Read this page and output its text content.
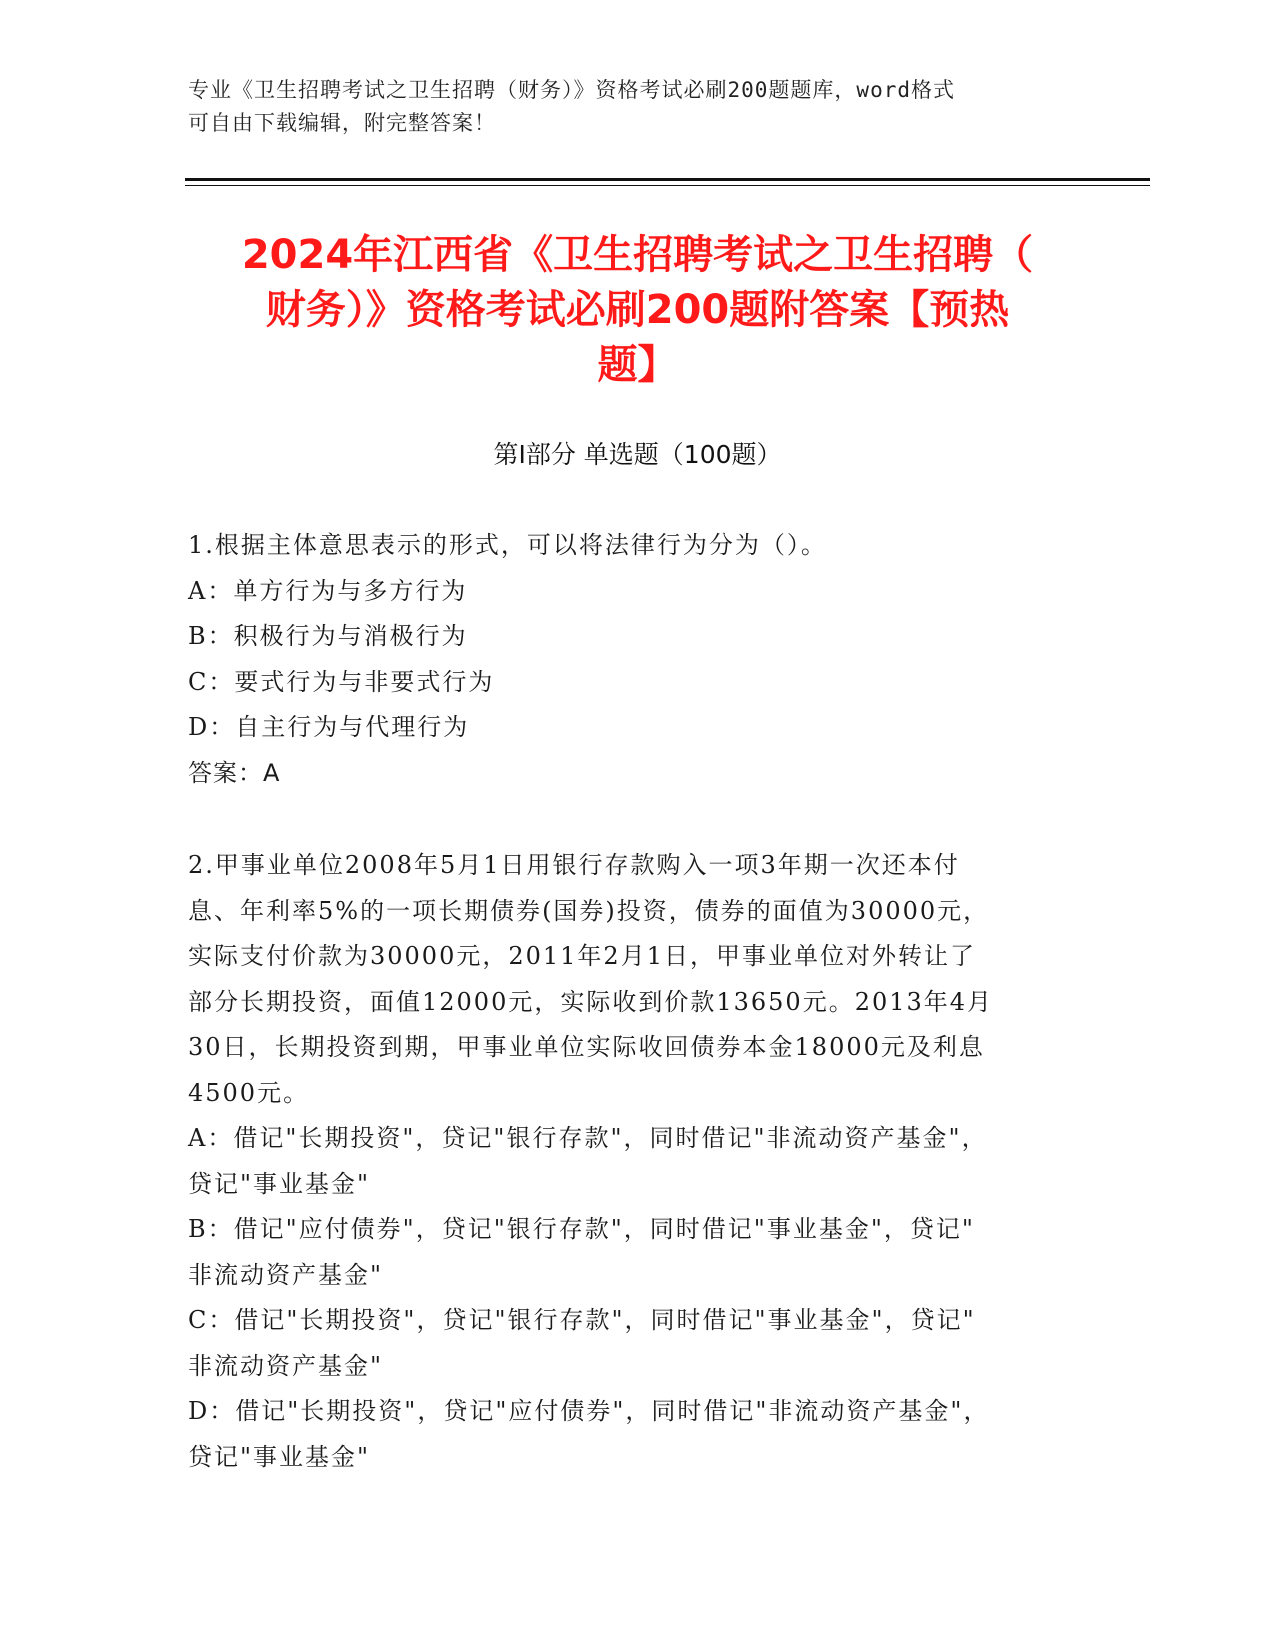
专业《卫生招聘考试之卫生招聘（财务）》资格考试必刷200题题库，word格式
可自由下载编辑，附完整答案！
2024年江西省《卫生招聘考试之卫生招聘（
财务）》资格考试必刷200题附答案【预热
题】
第Ⅰ部分 单选题（100题）
1.根据主体意思表示的形式，可以将法律行为分为（）。
A：单方行为与多方行为
B：积极行为与消极行为
C：要式行为与非要式行为
D：自主行为与代理行为
答案：A
2.甲事业单位2008年5月1日用银行存款购入一项3年期一次还本付
息、年利率5%的一项长期债券(国券)投资，债券的面值为30000元，
实际支付价款为30000元，2011年2月1日，甲事业单位对外转让了
部分长期投资，面值12000元，实际收到价款13650元。2013年4月
30日，长期投资到期，甲事业单位实际收回债券本金18000元及利息
4500元。
A：借记"长期投资"，贷记"银行存款"，同时借记"非流动资产基金"，
贷记"事业基金"
B：借记"应付债券"，贷记"银行存款"，同时借记"事业基金"，贷记"
非流动资产基金"
C：借记"长期投资"，贷记"银行存款"，同时借记"事业基金"，贷记"
非流动资产基金"
D：借记"长期投资"，贷记"应付债券"，同时借记"非流动资产基金"，
贷记"事业基金"
